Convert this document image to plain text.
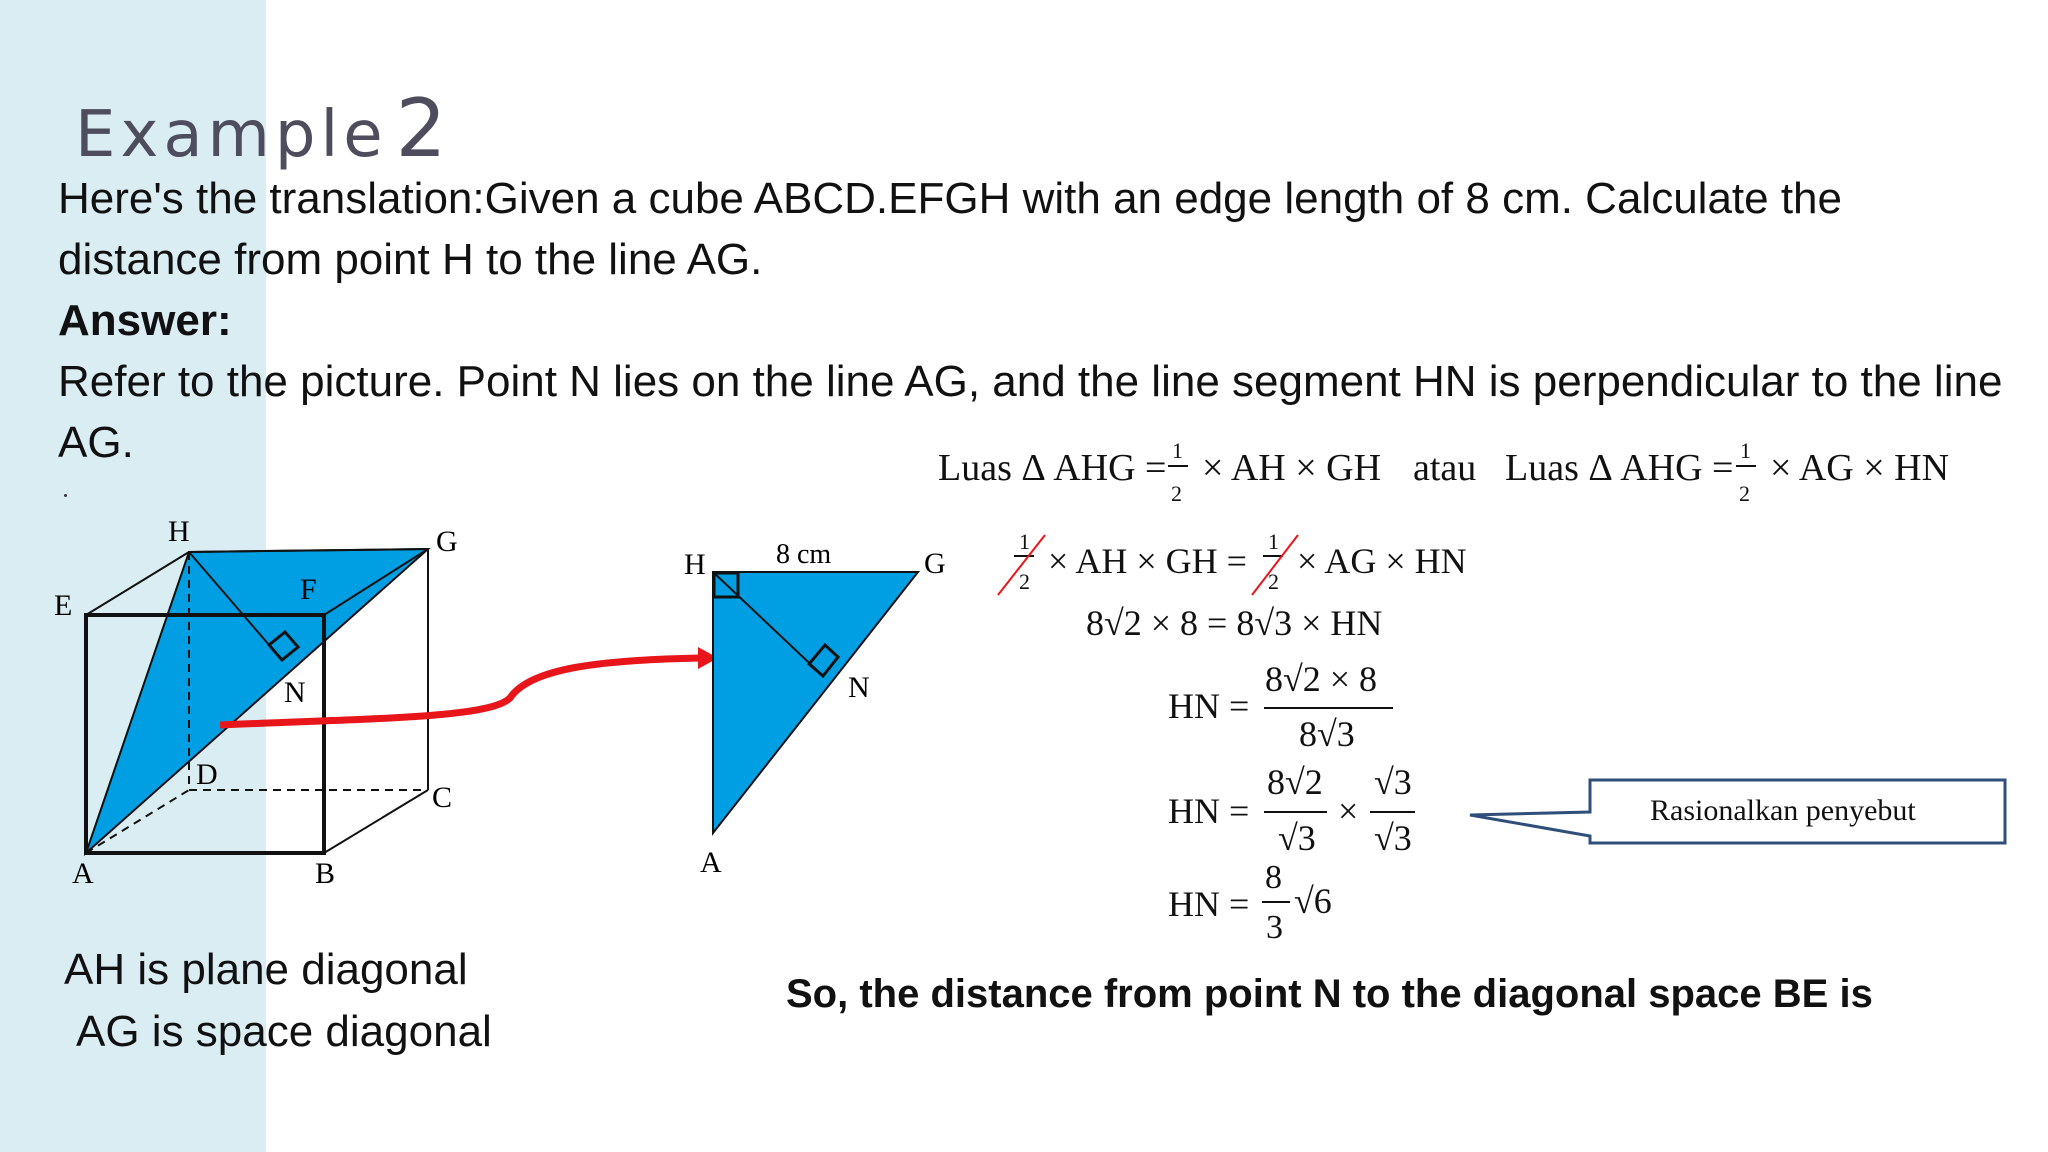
Example 2
Here's the translation:Given a cube ABCD.EFGH with an edge length of 8 cm. Calculate the distance from point H to the line AG.
Answer:
Refer to the picture. Point N lies on the line AG, and the line segment HN is perpendicular to the line AG.
H	G
E	F
N
D
C
A	B
H	8 cm	G
N
A
Luas Δ AHG = 1
2
× AH × GH atau Luas Δ AHG = 1
2
× AG × HN
1
2
× AH × GH = 1
2
× AG × HN
8√2 × 8 = 8√3 × HN
HN =
8√2 × 8
8√3
HN =
8√2
√3
×
√3
√3
HN =
8
3
√6
Rasionalkan penyebut
AH is plane diagonal
AG is space diagonal
So, the distance from point N to the diagonal space BE is
